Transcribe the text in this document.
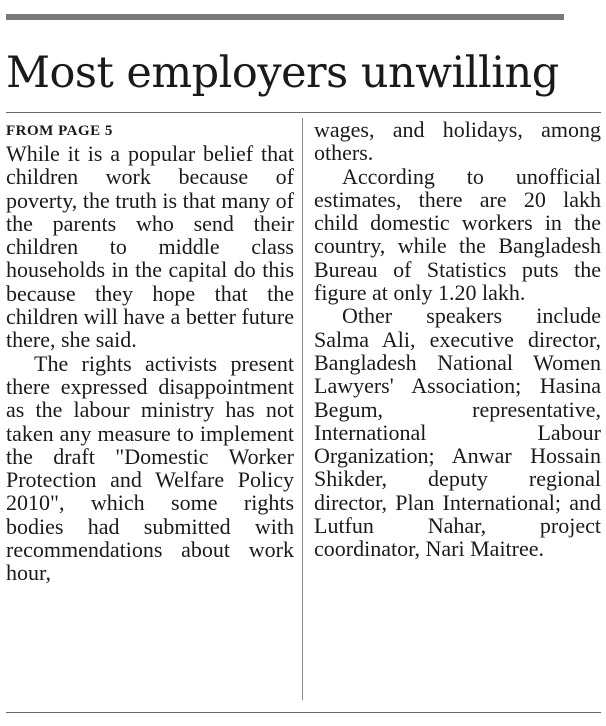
Most employers unwilling

FROM PAGE 5

While it is a popular belief that children work because of poverty, the truth is that many of the parents who send their children to middle class households in the capital do this because they hope that the children will have a better future there, she said.

The rights activists present there expressed disappointment as the labour ministry has not taken any measure to implement the draft "Domestic Worker Protection and Welfare Policy 2010", which some rights bodies had submitted with recommendations about work hour,

wages, and holidays, among others.

According to unofficial estimates, there are 20 lakh child domestic workers in the country, while the Bangladesh Bureau of Statistics puts the figure at only 1.20 lakh.

Other speakers include Salma Ali, executive director, Bangladesh National Women Lawyers' Association; Hasina Begum, representative, International Labour Organization; Anwar Hossain Shikder, deputy regional director, Plan International; and Lutfun Nahar, project coordinator, Nari Maitree.
